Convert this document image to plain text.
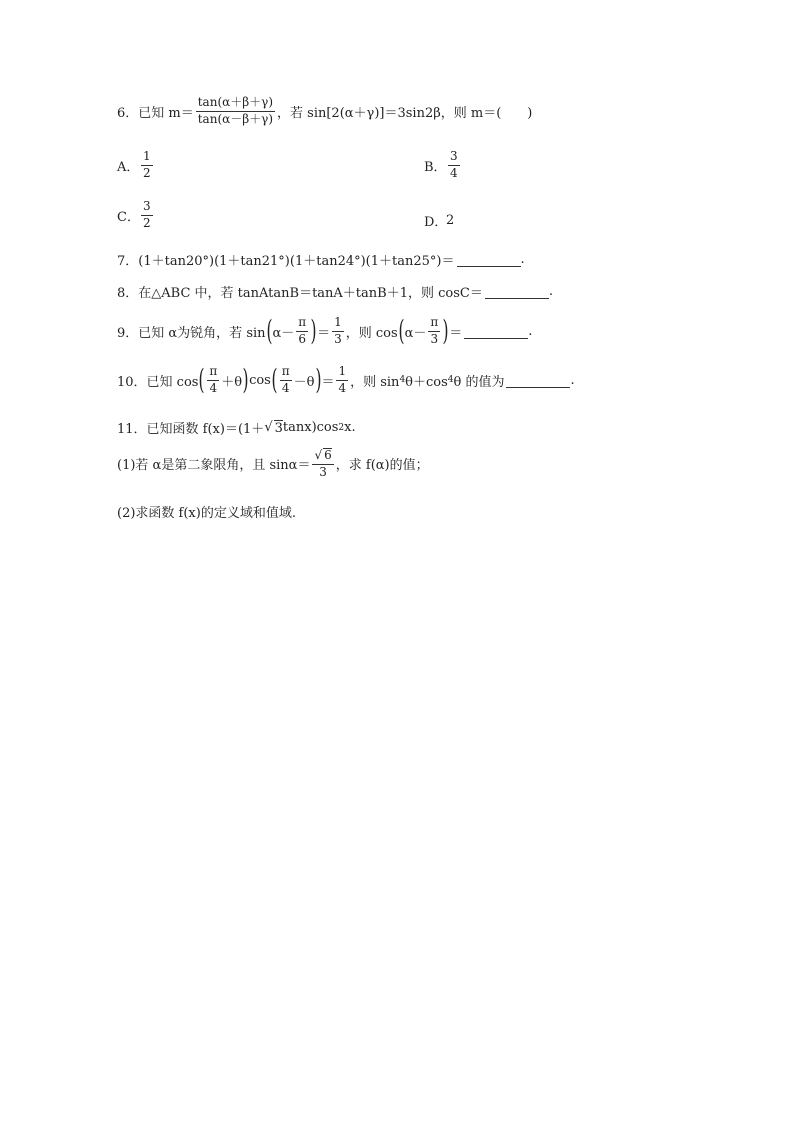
6．已知 $m= \frac{\tan(\alpha+\beta+\gamma)}{\tan(\alpha-\beta+\gamma)}$ ，若 sin[2(α＋γ)]＝3sin2β，则 m＝(　　)
A． $\frac{1}{2}$	B． $\frac{3}{4}$
C． $\frac{3}{2}$	D．
2
7．(1＋tan20°)(1＋tan21°)(1＋tan24°)(1＋tan25°)＝	.
8．在△ABC 中，若 tanAtanB＝tanA＋tanB＋1，则 cosC＝	.
9．已知 α为锐角，若 sin ( $\alpha- \frac{\pi}{6}$ ) ＝ $\frac{1}{3}$ ，则 cos ( $\alpha- \frac{\pi}{3}$ ) ＝	.
10．已知 cos ( $\frac{\pi}{4} +\theta$ ) cos ( $\frac{\pi}{4} -\theta$ ) ＝ $\frac{1}{4}$ ，则 sin 4 θ＋cos 4 θ 的值为	.
11．已知函数 f(x)＝(1＋ √ 3 tanx)cos 2 x.
(1)若 α是第二象限角，且 $\sin\alpha= \frac{√ 6}{3}$ ，求 f(α)的值；
(2)求函数 f(x)的定义域和值域.
